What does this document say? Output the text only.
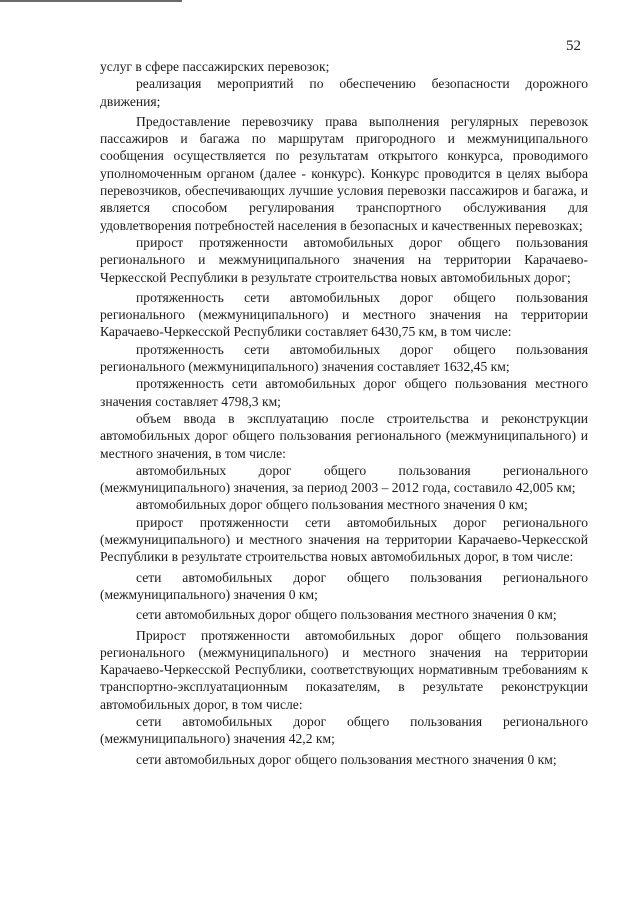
52

услуг в сфере пассажирских перевозок;

реализация мероприятий по обеспечению безопасности дорожного движения;

Предоставление перевозчику права выполнения регулярных перевозок пассажиров и багажа по маршрутам пригородного и межмуниципального сообщения осуществляется по результатам открытого конкурса, проводимого уполномоченным органом (далее - конкурс). Конкурс проводится в целях выбора перевозчиков, обеспечивающих лучшие условия перевозки пассажиров и багажа, и является способом регулирования транспортного обслуживания для удовлетворения потребностей населения в безопасных и качественных перевозках;

прирост протяженности автомобильных дорог общего пользования регионального и межмуниципального значения на территории Карачаево-Черкесской Республики в результате строительства новых автомобильных дорог;

протяженность сети автомобильных дорог общего пользования регионального (межмуниципального) и местного значения на территории Карачаево-Черкесской Республики составляет 6430,75 км, в том числе:

протяженность сети автомобильных дорог общего пользования регионального (межмуниципального) значения составляет 1632,45 км;

протяженность сети автомобильных дорог общего пользования местного значения составляет 4798,3 км;

объем ввода в эксплуатацию после строительства и реконструкции автомобильных дорог общего пользования регионального (межмуниципального) и местного значения, в том числе:

автомобильных дорог общего пользования регионального (межмуниципального) значения, за период 2003 – 2012 года, составило 42,005 км;

автомобильных дорог общего пользования местного значения 0 км;

прирост протяженности сети автомобильных дорог регионального (межмуниципального) и местного значения на территории Карачаево-Черкесской Республики в результате строительства новых автомобильных дорог, в том числе:

сети автомобильных дорог общего пользования регионального (межмуниципального) значения 0 км;

сети автомобильных дорог общего пользования местного значения 0 км;

Прирост протяженности автомобильных дорог общего пользования регионального (межмуниципального) и местного значения на территории Карачаево-Черкесской Республики, соответствующих нормативным требованиям к транспортно-эксплуатационным показателям, в результате реконструкции автомобильных дорог, в том числе:

сети автомобильных дорог общего пользования регионального (межмуниципального) значения 42,2 км;

сети автомобильных дорог общего пользования местного значения 0 км;
